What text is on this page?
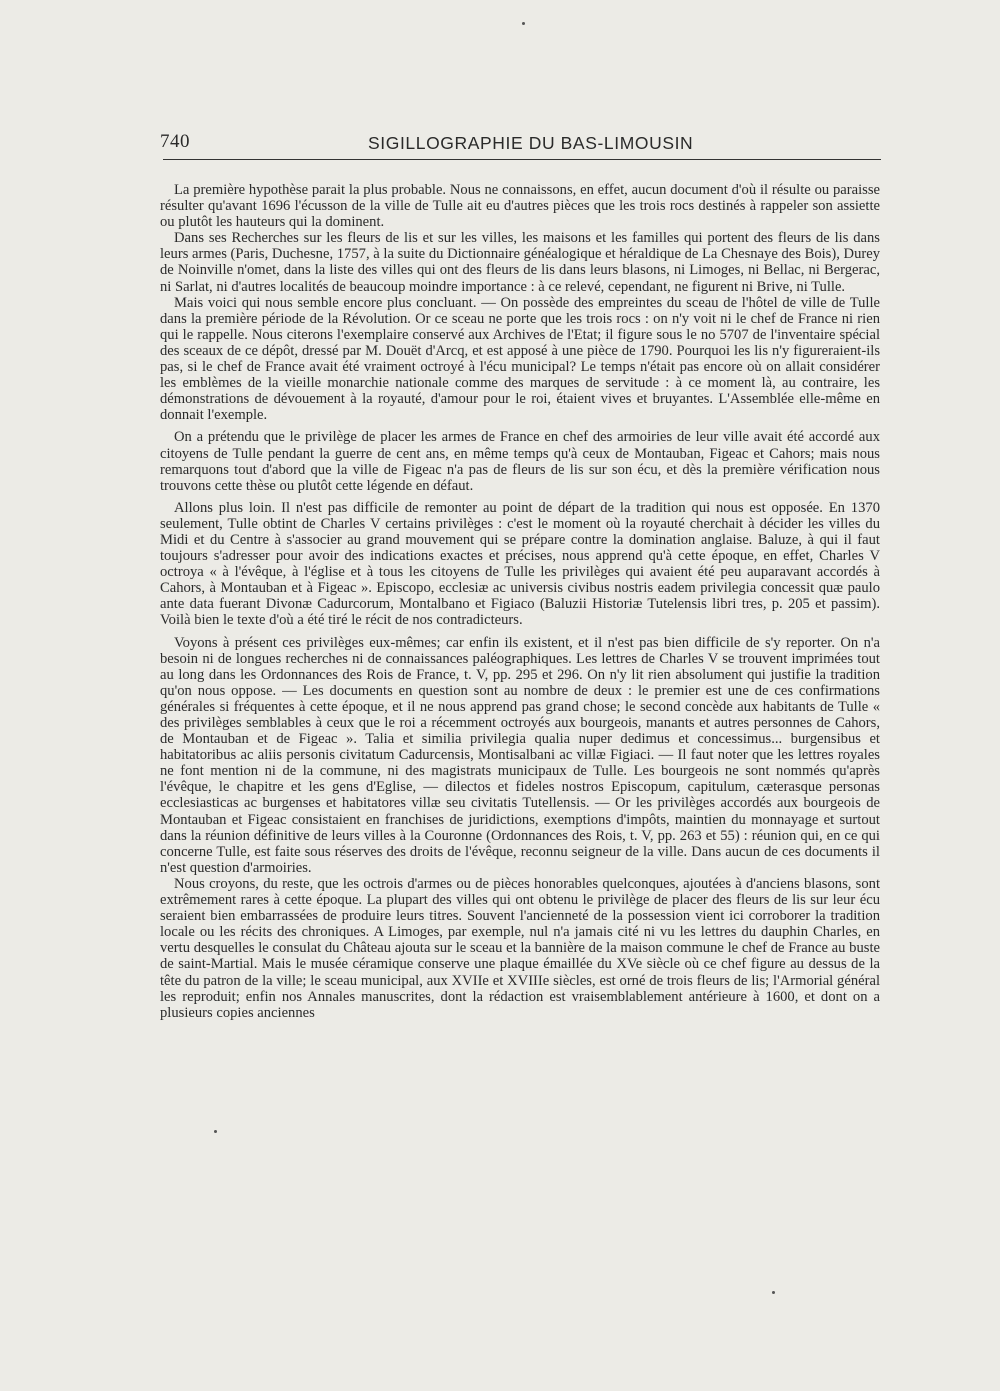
740	SIGILLOGRAPHIE DU BAS-LIMOUSIN

La première hypothèse parait la plus probable. Nous ne connaissons, en effet, aucun document d'où il résulte ou paraisse résulter qu'avant 1696 l'écusson de la ville de Tulle ait eu d'autres pièces que les trois rocs destinés à rappeler son assiette ou plutôt les hauteurs qui la dominent.

Dans ses Recherches sur les fleurs de lis et sur les villes, les maisons et les familles qui portent des fleurs de lis dans leurs armes (Paris, Duchesne, 1757, à la suite du Dictionnaire généalogique et héraldique de La Chesnaye des Bois), Durey de Noinville n'omet, dans la liste des villes qui ont des fleurs de lis dans leurs blasons, ni Limoges, ni Bellac, ni Bergerac, ni Sarlat, ni d'autres localités de beaucoup moindre importance : à ce relevé, cependant, ne figurent ni Brive, ni Tulle.

Mais voici qui nous semble encore plus concluant. — On possède des empreintes du sceau de l'hôtel de ville de Tulle dans la première période de la Révolution. Or ce sceau ne porte que les trois rocs : on n'y voit ni le chef de France ni rien qui le rappelle. Nous citerons l'exemplaire conservé aux Archives de l'Etat; il figure sous le no 5707 de l'inventaire spécial des sceaux de ce dépôt, dressé par M. Douët d'Arcq, et est apposé à une pièce de 1790. Pourquoi les lis n'y figureraient-ils pas, si le chef de France avait été vraiment octroyé à l'écu municipal? Le temps n'était pas encore où on allait considérer les emblèmes de la vieille monarchie nationale comme des marques de servitude : à ce moment là, au contraire, les démonstrations de dévouement à la royauté, d'amour pour le roi, étaient vives et bruyantes. L'Assemblée elle-même en donnait l'exemple.

On a prétendu que le privilège de placer les armes de France en chef des armoiries de leur ville avait été accordé aux citoyens de Tulle pendant la guerre de cent ans, en même temps qu'à ceux de Montauban, Figeac et Cahors; mais nous remarquons tout d'abord que la ville de Figeac n'a pas de fleurs de lis sur son écu, et dès la première vérification nous trouvons cette thèse ou plutôt cette légende en défaut.

Allons plus loin. Il n'est pas difficile de remonter au point de départ de la tradition qui nous est opposée. En 1370 seulement, Tulle obtint de Charles V certains privilèges : c'est le moment où la royauté cherchait à décider les villes du Midi et du Centre à s'associer au grand mouvement qui se prépare contre la domination anglaise. Baluze, à qui il faut toujours s'adresser pour avoir des indications exactes et précises, nous apprend qu'à cette époque, en effet, Charles V octroya « à l'évêque, à l'église et à tous les citoyens de Tulle les privilèges qui avaient été peu auparavant accordés à Cahors, à Montauban et à Figeac ». Episcopo, ecclesiæ ac universis civibus nostris eadem privilegia concessit quæ paulo ante data fuerant Divonæ Cadurcorum, Montalbano et Figiaco (Baluzii Historiæ Tutelensis libri tres, p. 205 et passim). Voilà bien le texte d'où a été tiré le récit de nos contradicteurs.

Voyons à présent ces privilèges eux-mêmes; car enfin ils existent, et il n'est pas bien difficile de s'y reporter. On n'a besoin ni de longues recherches ni de connaissances paléographiques. Les lettres de Charles V se trouvent imprimées tout au long dans les Ordonnances des Rois de France, t. V, pp. 295 et 296. On n'y lit rien absolument qui justifie la tradition qu'on nous oppose. — Les documents en question sont au nombre de deux : le premier est une de ces confirmations générales si fréquentes à cette époque, et il ne nous apprend pas grand chose; le second concède aux habitants de Tulle « des privilèges semblables à ceux que le roi a récemment octroyés aux bourgeois, manants et autres personnes de Cahors, de Montauban et de Figeac ». Talia et similia privilegia qualia nuper dedimus et concessimus... burgensibus et habitatoribus ac aliis personis civitatum Cadurcensis, Montisalbani ac villæ Figiaci. — Il faut noter que les lettres royales ne font mention ni de la commune, ni des magistrats municipaux de Tulle. Les bourgeois ne sont nommés qu'après l'évêque, le chapitre et les gens d'Eglise, — dilectos et fideles nostros Episcopum, capitulum, cæterasque personas ecclesiasticas ac burgenses et habitatores villæ seu civitatis Tutellensis. — Or les privilèges accordés aux bourgeois de Montauban et Figeac consistaient en franchises de juridictions, exemptions d'impôts, maintien du monnayage et surtout dans la réunion définitive de leurs villes à la Couronne (Ordonnances des Rois, t. V, pp. 263 et 55) : réunion qui, en ce qui concerne Tulle, est faite sous réserves des droits de l'évêque, reconnu seigneur de la ville. Dans aucun de ces documents il n'est question d'armoiries.

Nous croyons, du reste, que les octrois d'armes ou de pièces honorables quelconques, ajoutées à d'anciens blasons, sont extrêmement rares à cette époque. La plupart des villes qui ont obtenu le privilège de placer des fleurs de lis sur leur écu seraient bien embarrassées de produire leurs titres. Souvent l'ancienneté de la possession vient ici corroborer la tradition locale ou les récits des chroniques. A Limoges, par exemple, nul n'a jamais cité ni vu les lettres du dauphin Charles, en vertu desquelles le consulat du Château ajouta sur le sceau et la bannière de la maison commune le chef de France au buste de saint-Martial. Mais le musée céramique conserve une plaque émaillée du XVe siècle où ce chef figure au dessus de la tête du patron de la ville; le sceau municipal, aux XVIIe et XVIIIe siècles, est orné de trois fleurs de lis; l'Armorial général les reproduit; enfin nos Annales manuscrites, dont la rédaction est vraisemblablement antérieure à 1600, et dont on a plusieurs copies anciennes
